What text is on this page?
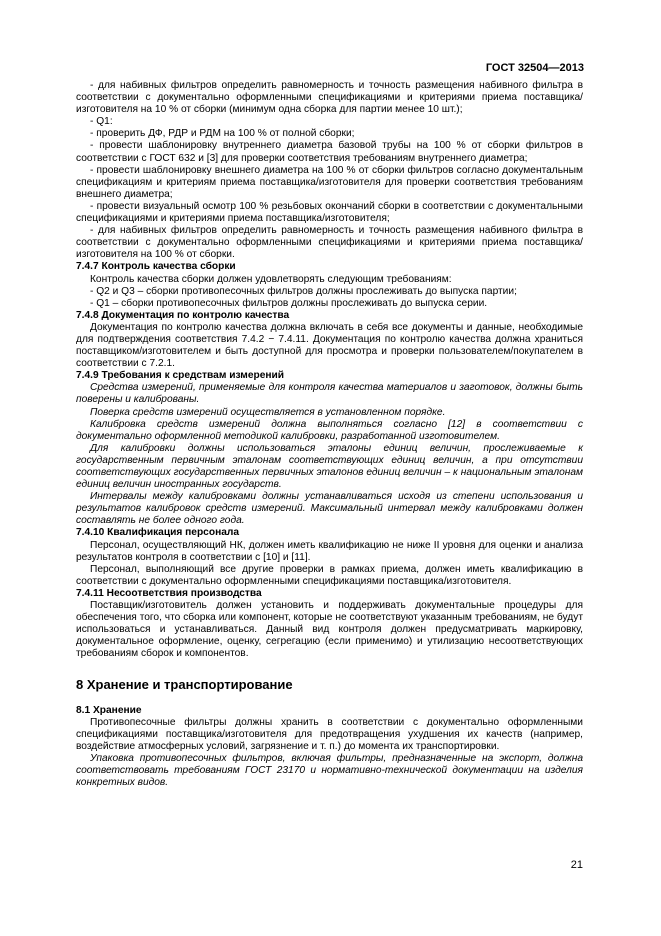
ГОСТ 32504—2013

- для набивных фильтров определить равномерность и точность размещения набивного фильтра в соответствии с документально оформленными спецификациями и критериями приема поставщика/изготовителя на 10 % от сборки (минимум одна сборка для партии менее 10 шт.);

- Q1:

- проверить ДФ, РДР и РДМ на 100 % от полной сборки;

- провести шаблонировку внутреннего диаметра базовой трубы на 100 % от сборки фильтров в соответствии с ГОСТ 632 и [3] для проверки соответствия требованиям внутреннего диаметра;

- провести шаблонировку внешнего диаметра на 100 % от сборки фильтров согласно документальным спецификациям и критериям приема поставщика/изготовителя для проверки соответствия требованиям внешнего диаметра;

- провести визуальный осмотр 100 % резьбовых окончаний сборки в соответствии с документальными спецификациями и критериями приема поставщика/изготовителя;

- для набивных фильтров определить равномерность и точность размещения набивного фильтра в соответствии с документально оформленными спецификациями и критериями приема поставщика/изготовителя на 100 % от сборки.

7.4.7 Контроль качества сборки

Контроль качества сборки должен удовлетворять следующим требованиям:

- Q2 и Q3 – сборки противопесочных фильтров должны прослеживать до выпуска партии;

- Q1 – сборки противопесочных фильтров должны прослеживать до выпуска серии.

7.4.8 Документация по контролю качества

Документация по контролю качества должна включать в себя все документы и данные, необходимые для подтверждения соответствия 7.4.2 − 7.4.11. Документация по контролю качества должна храниться поставщиком/изготовителем и быть доступной для просмотра и проверки пользователем/покупателем в соответствии с 7.2.1.

7.4.9 Требования к средствам измерений

Средства измерений, применяемые для контроля качества материалов и заготовок, должны быть поверены и калиброваны.

Поверка средств измерений осуществляется в установленном порядке.

Калибровка средств измерений должна выполняться согласно [12] в соответствии с документально оформленной методикой калибровки, разработанной изготовителем.

Для калибровки должны использоваться эталоны единиц величин, прослеживаемые к государственным первичным эталонам соответствующих единиц величин, а при отсутствии соответствующих государственных первичных эталонов единиц величин – к национальным эталонам единиц величин иностранных государств.

Интервалы между калибровками должны устанавливаться исходя из степени использования и результатов калибровок средств измерений. Максимальный интервал между калибровками должен составлять не более одного года.

7.4.10 Квалификация персонала

Персонал, осуществляющий НК, должен иметь квалификацию не ниже II уровня для оценки и анализа результатов контроля в соответствии с [10] и [11].

Персонал, выполняющий все другие проверки в рамках приема, должен иметь квалификацию в соответствии с документально оформленными спецификациями поставщика/изготовителя.

7.4.11 Несоответствия производства

Поставщик/изготовитель должен установить и поддерживать документальные процедуры для обеспечения того, что сборка или компонент, которые не соответствуют указанным требованиям, не будут использоваться и устанавливаться. Данный вид контроля должен предусматривать маркировку, документальное оформление, оценку, сегрегацию (если применимо) и утилизацию несоответствующих требованиям сборок и компонентов.

8 Хранение и транспортирование

8.1 Хранение

Противопесочные фильтры должны хранить в соответствии с документально оформленными спецификациями поставщика/изготовителя для предотвращения ухудшения их качеств (например, воздействие атмосферных условий, загрязнение и т. п.) до момента их транспортировки.

Упаковка противопесочных фильтров, включая фильтры, предназначенные на экспорт, должна соответствовать требованиям ГОСТ 23170 и нормативно-технической документации на изделия конкретных видов.

21
